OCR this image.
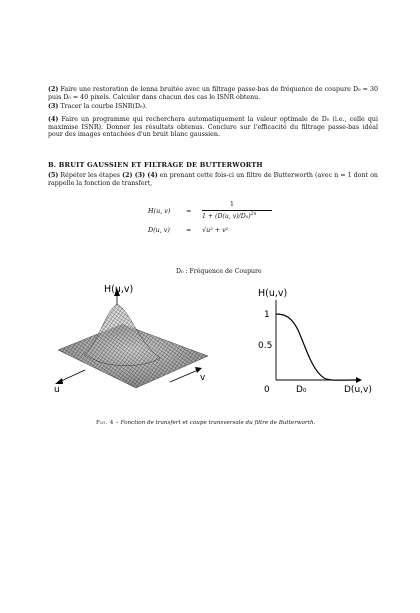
(2) Faire une restoration de lenna bruitée avec un filtrage passe-bas de fréquence de coupure D₀ = 30 puis D₀ = 40 pixels. Calculer dans chacun des cas le ISNR obtenu.

(3) Tracer la courbe ISNR(D₀).

(4) Faire un programme qui recherchera automatiquement la valeur optimale de D₀ (i.e., celle qui maximise ISNR). Donner les résultats obtenus. Conclure sur l'efficacité du filtrage passe-bas idéal pour des images entachées d'un bruit blanc gaussien.

B. BRUIT GAUSSIEN ET FILTRAGE DE BUTTERWORTH

(5) Répéter les étapes (2) (3) (4) en prenant cette fois-ci un filtre de Butterworth (avec n = 1 dont on rappelle la fonction de transfert,

H(u, v) =
1
1 + (D(u, v)/D₀)$^{2n}$
D(u, v)	= √u² + v²
D₀ : Fréquence de Coupure
H(u,v)
u
v
H(u,v)
1
0.5
0	D₀	D(u,v)
Fig. 4 – Fonction de transfert et coupe transversale du filtre de Butterworth.
